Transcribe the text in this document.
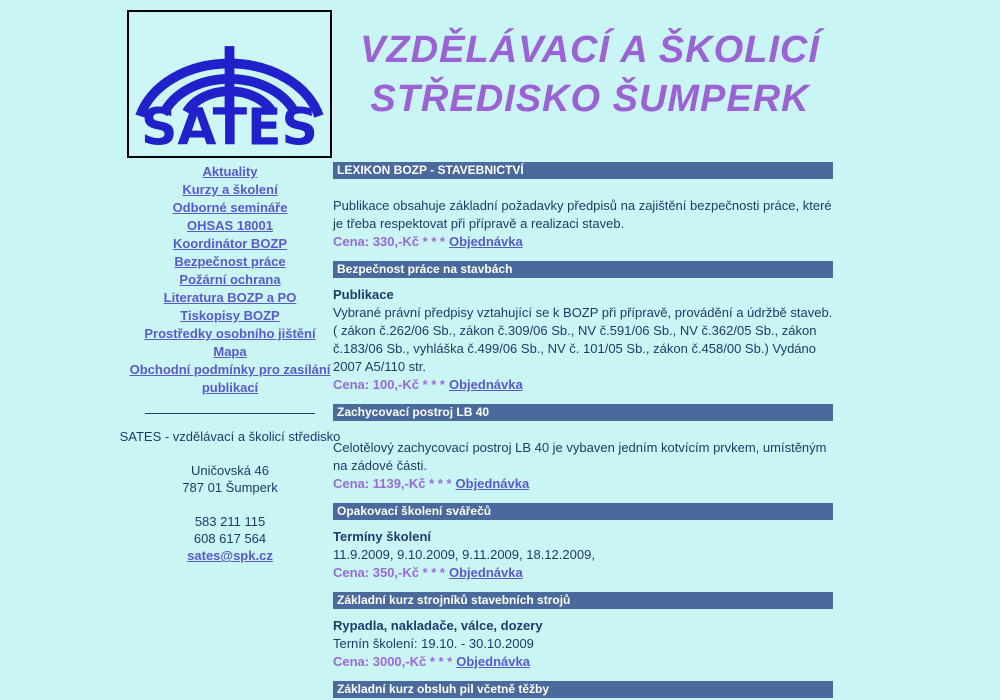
SATES
VZDĚLÁVACÍ A ŠKOLICÍ
STŘEDISKO ŠUMPERK
Aktuality
Kurzy a školení
Odborné semináře
OHSAS 18001
Koordinátor BOZP
Bezpečnost práce
Požární ochrana
Literatura BOZP a PO
Tiskopisy BOZP
Prostředky osobního jištění
Mapa
Obchodní podmínky pro zasílání publikací

SATES - vzdělávací a školicí středisko

Uničovská 46
787 01 Šumperk

583 211 115
608 617 564
sates@spk.cz

LEXIKON BOZP - STAVEBNICTVÍ

Publikace obsahuje základní požadavky předpisů na zajištění bezpečnosti práce, které je třeba respektovat při přípravě a realizaci staveb.

Cena: 330,-Kč * * * Objednávka

Bezpečnost práce na stavbách

Publikace

Vybrané právní předpisy vztahující se k BOZP při přípravě, provádění a údržbě staveb. ( zákon č.262/06 Sb., zákon č.309/06 Sb., NV č.591/06 Sb., NV č.362/05 Sb., zákon č.183/06 Sb., vyhláška č.499/06 Sb., NV č. 101/05 Sb., zákon č.458/00 Sb.) Vydáno 2007 A5/110 str.

Cena: 100,-Kč * * * Objednávka

Zachycovací postroj LB 40

Celotělový zachycovací postroj LB 40 je vybaven jedním kotvícím prvkem, umístěným na zádové části.

Cena: 1139,-Kč * * * Objednávka

Opakovací školení svářečů

Termíny školení

11.9.2009, 9.10.2009, 9.11.2009, 18.12.2009,

Cena: 350,-Kč * * * Objednávka

Základní kurz strojníků stavebních strojů

Rypadla, nakladače, válce, dozery

Ternín školení: 19.10. - 30.10.2009

Cena: 3000,-Kč * * * Objednávka

Základní kurz obsluh pil včetně těžby
